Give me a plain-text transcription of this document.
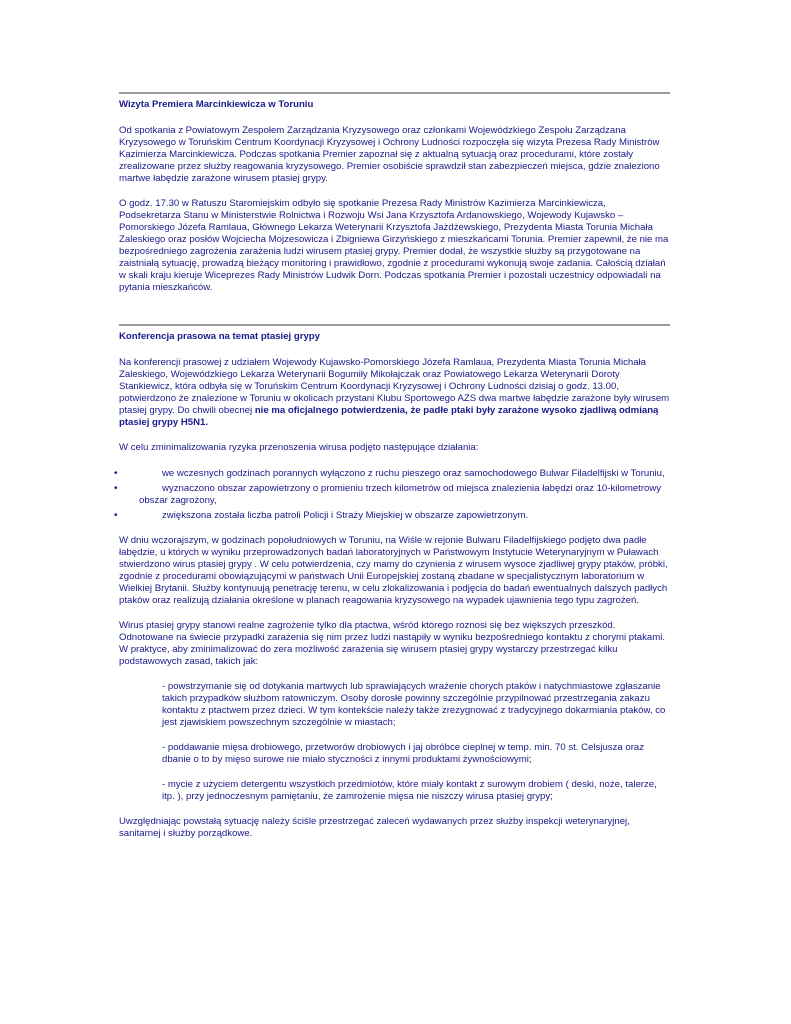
Wizyta Premiera Marcinkiewicza w Toruniu

Od spotkania z Powiatowym Zespołem Zarządzania Kryzysowego oraz członkami Wojewódzkiego Zespołu Zarządzana Kryzysowego w Toruńskim Centrum Koordynacji Kryzysowej i Ochrony Ludności rozpoczęła się wizyta Prezesa Rady Ministrów Kazimierza Marcinkiewicza. Podczas spotkania Premier zapoznał się z aktualną sytuacją oraz procedurami, które zostały zrealizowane przez służby reagowania kryzysowego. Premier osobiście sprawdził stan zabezpieczeń miejsca, gdzie znaleziono martwe łabędzie zarażone wirusem ptasiej grypy.

O godz. 17.30 w Ratuszu Staromiejskim odbyło się spotkanie Prezesa Rady Ministrów Kazimierza Marcinkiewicza, Podsekretarza Stanu w Ministerstwie Rolnictwa i Rozwoju Wsi Jana Krzysztofa Ardanowskiego, Wojewody Kujawsko – Pomorskiego Józefa Ramlaua, Głównego Lekarza Weterynarii Krzysztofa Jażdżewskiego, Prezydenta Miasta Torunia Michała Zaleskiego oraz posłów Wojciecha Mojzesowicza i Zbigniewa Girzyńskiego z mieszkańcami Torunia. Premier zapewnił, że nie ma bezpośredniego zagrożenia zarażenia ludzi wirusem ptasiej grypy. Premier dodał, że wszystkie służby są przygotowane na zaistniałą sytuację, prowadzą bieżący monitoring i prawidłowo, zgodnie z procedurami wykonują swoje zadania. Całością działań w skali kraju kieruje Wiceprezes Rady Ministrów Ludwik Dorn. Podczas spotkania Premier i pozostali uczestnicy odpowiadali na pytania mieszkańców.

Konferencja prasowa na temat ptasiej grypy

Na konferencji prasowej z udziałem Wojewody Kujawsko-Pomorskiego Józefa Ramlaua, Prezydenta Miasta Torunia Michała Zaleskiego, Wojewódzkiego Lekarza Weterynarii Bogumiły Mikołajczak oraz Powiatowego Lekarza Weterynarii Doroty Stankiewicz, która odbyła się w Toruńskim Centrum Koordynacji Kryzysowej i Ochrony Ludności dzisiaj o godz. 13.00, potwierdzono że znalezione w Toruniu w okolicach przystani Klubu Sportowego AZS dwa martwe łabędzie zarażone były wirusem ptasiej grypy. Do chwili obecnej nie ma oficjalnego potwierdzenia, że padłe ptaki były zarażone wysoko zjadliwą odmianą ptasiej grypy H5N1.

W celu zminimalizowania ryzyka przenoszenia wirusa podjęto następujące działania:

•	we wczesnych godzinach porannych wyłączono z ruchu pieszego oraz samochodowego Bulwar Filadelfijski w Toruniu,
•	wyznaczono obszar zapowietrzony o promieniu trzech kilometrów od miejsca znalezienia łabędzi oraz 10-kilometrowy obszar zagrożony,
•	zwiększona została liczba patroli Policji i Straży Miejskiej w obszarze zapowietrzonym.

W dniu wczorajszym, w godzinach popołudniowych w Toruniu, na Wiśle w rejonie Bulwaru Filadelfijskiego podjęto dwa padłe łabędzie, u których w wyniku przeprowadzonych badań laboratoryjnych w Państwowym Instytucie Weterynaryjnym w Puławach stwierdzono wirus ptasiej grypy . W celu potwierdzenia, czy mamy do czynienia z wirusem wysoce zjadliwej grypy ptaków, próbki, zgodnie z procedurami obowiązującymi w państwach Unii Europejskiej zostaną zbadane w specjalistycznym laboratorium w Wielkiej Brytanii. Służby kontynuują penetrację terenu, w celu zlokalizowania i podjęcia do badań ewentualnych dalszych padłych ptaków oraz realizują działania określone w planach reagowania kryzysowego na wypadek ujawnienia tego typu zagrożeń.

Wirus ptasiej grypy stanowi realne zagrożenie tylko dla ptactwa, wśród którego roznosi się bez większych przeszkód. Odnotowane na świecie przypadki zarażenia się nim przez ludzi nastąpiły w wyniku bezpośredniego kontaktu z chorymi ptakami. W praktyce, aby zminimalizować do zera możliwość zarażenia się wirusem ptasiej grypy wystarczy przestrzegać kilku podstawowych zasad, takich jak:

- powstrzymanie się od dotykania martwych lub sprawiających wrażenie chorych ptaków i natychmiastowe zgłaszanie takich przypadków służbom ratowniczym. Osoby dorosłe powinny szczególnie przypilnować przestrzegania zakazu kontaktu z ptactwem przez dzieci. W tym kontekście należy także zrezygnować z tradycyjnego dokarmiania ptaków, co jest zjawiskiem powszechnym szczególnie w miastach;

- poddawanie mięsa drobiowego, przetworów drobiowych i jaj obróbce cieplnej w temp. min. 70 st. Celsjusza oraz dbanie o to by mięso surowe nie miało styczności z innymi produktami żywnościowymi;

- mycie z użyciem detergentu wszystkich przedmiotów, które miały kontakt z surowym drobiem ( deski, noże, talerze, itp. ), przy jednoczesnym pamiętaniu, że zamrożenie mięsa nie niszczy wirusa ptasiej grypy;

Uwzględniając powstałą sytuację należy ściśle przestrzegać zaleceń wydawanych przez służby inspekcji weterynaryjnej, sanitarnej i służby porządkowe.
